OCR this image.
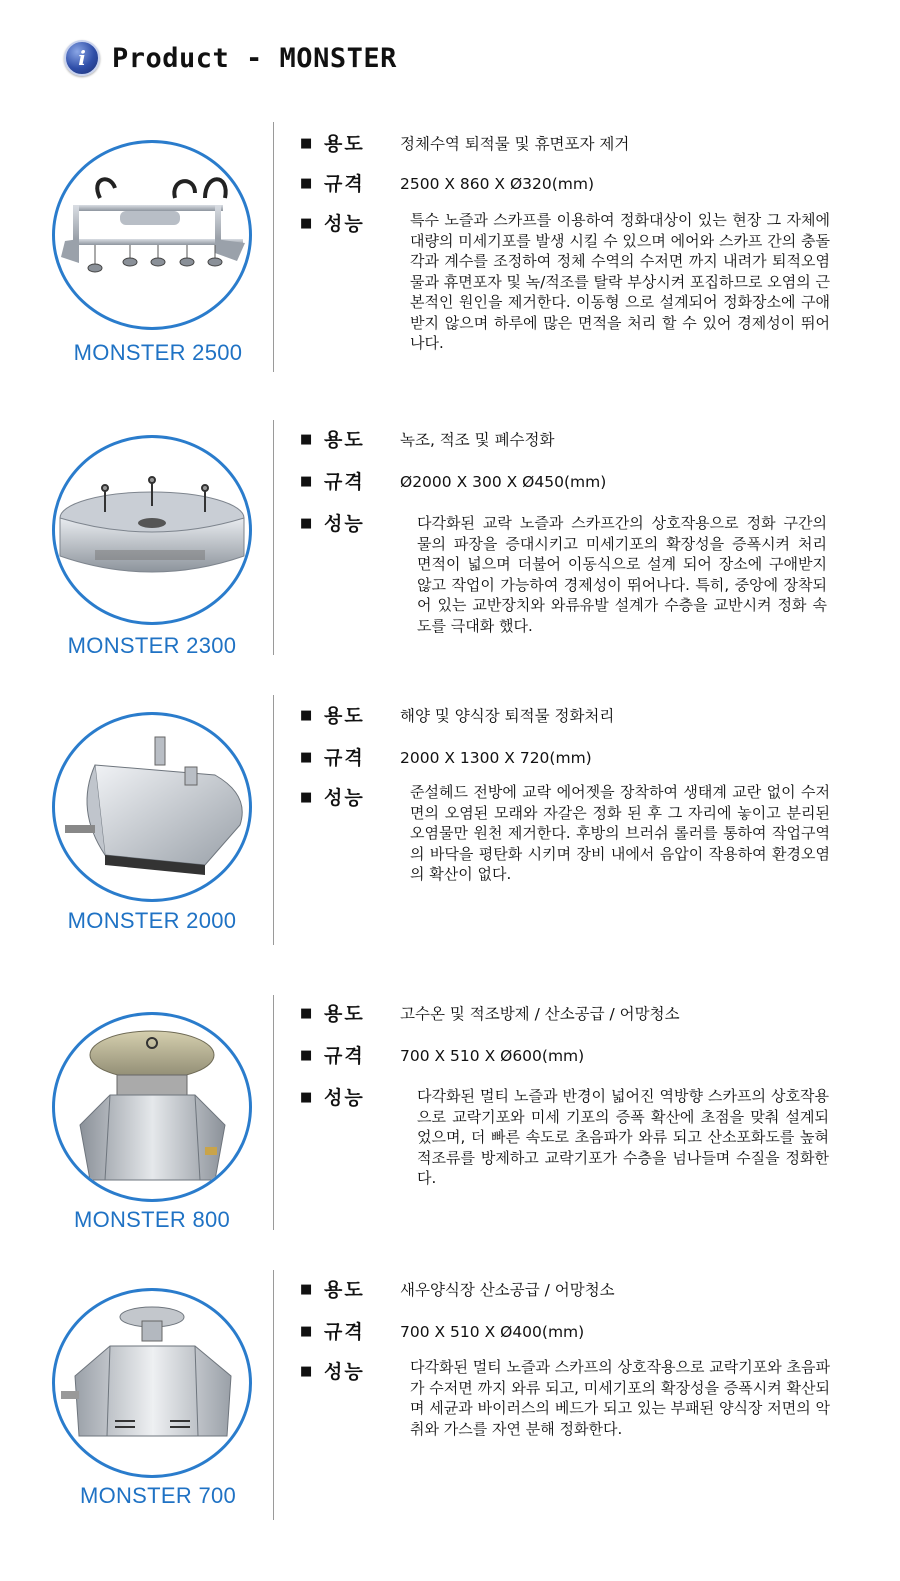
i Product - MONSTER
MONSTER 2500
■ 용도	정체수역 퇴적물 및 휴면포자 제거
■ 규격	2500 X 860 X Ø320(mm)
■ 성능	특수 노즐과 스카프를 이용하여 정화대상이 있는 현장 그 자체에 대량의 미세기포를 발생 시킬 수 있으며 에어와 스카프 간의 충돌각과 계수를 조정하여 정체 수역의 수저면 까지 내려가 퇴적오염물과 휴면포자 및 녹/적조를 탈락 부상시켜 포집하므로 오염의 근본적인 원인을 제거한다. 이동형 으로 설계되어 정화장소에 구애받지 않으며 하루에 많은 면적을 처리 할 수 있어 경제성이 뛰어나다.
MONSTER 2300
■ 용도	녹조, 적조 및 폐수정화
■ 규격	Ø2000 X 300 X Ø450(mm)
■ 성능	다각화된 교락 노즐과 스카프간의 상호작용으로 정화 구간의 물의 파장을 증대시키고 미세기포의 확장성을 증폭시켜 처리 면적이 넓으며 더불어 이동식으로 설계 되어 장소에 구애받지 않고 작업이 가능하여 경제성이 뛰어나다. 특히, 중앙에 장착되어 있는 교반장치와 와류유발 설계가 수층을 교반시켜 정화 속도를 극대화 했다.
MONSTER 2000
■ 용도	해양 및 양식장 퇴적물 정화처리
■ 규격	2000 X 1300 X 720(mm)
■ 성능	준설헤드 전방에 교락 에어젯을 장착하여 생태계 교란 없이 수저면의 오염된 모래와 자갈은 정화 된 후 그 자리에 놓이고 분리된 오염물만 원천 제거한다. 후방의 브러쉬 롤러를 통하여 작업구역의 바닥을 평탄화 시키며 장비 내에서 음압이 작용하여 환경오염의 확산이 없다.
MONSTER 800
■ 용도	고수온 및 적조방제 / 산소공급 / 어망청소
■ 규격	700 X 510 X Ø600(mm)
■ 성능	다각화된 멀티 노즐과 반경이 넓어진 역방향 스카프의 상호작용으로 교락기포와 미세 기포의 증폭 확산에 초점을 맞춰 설계되었으며, 더 빠른 속도로 초음파가 와류 되고 산소포화도를 높혀 적조류를 방제하고 교락기포가 수층을 넘나들며 수질을 정화한다.
MONSTER 700
■ 용도	새우양식장 산소공급 / 어망청소
■ 규격	700 X 510 X Ø400(mm)
■ 성능	다각화된 멀티 노즐과 스카프의 상호작용으로 교락기포와 초음파가 수저면 까지 와류 되고, 미세기포의 확장성을 증폭시켜 확산되며 세균과 바이러스의 베드가 되고 있는 부패된 양식장 저면의 악취와 가스를 자연 분해 정화한다.
